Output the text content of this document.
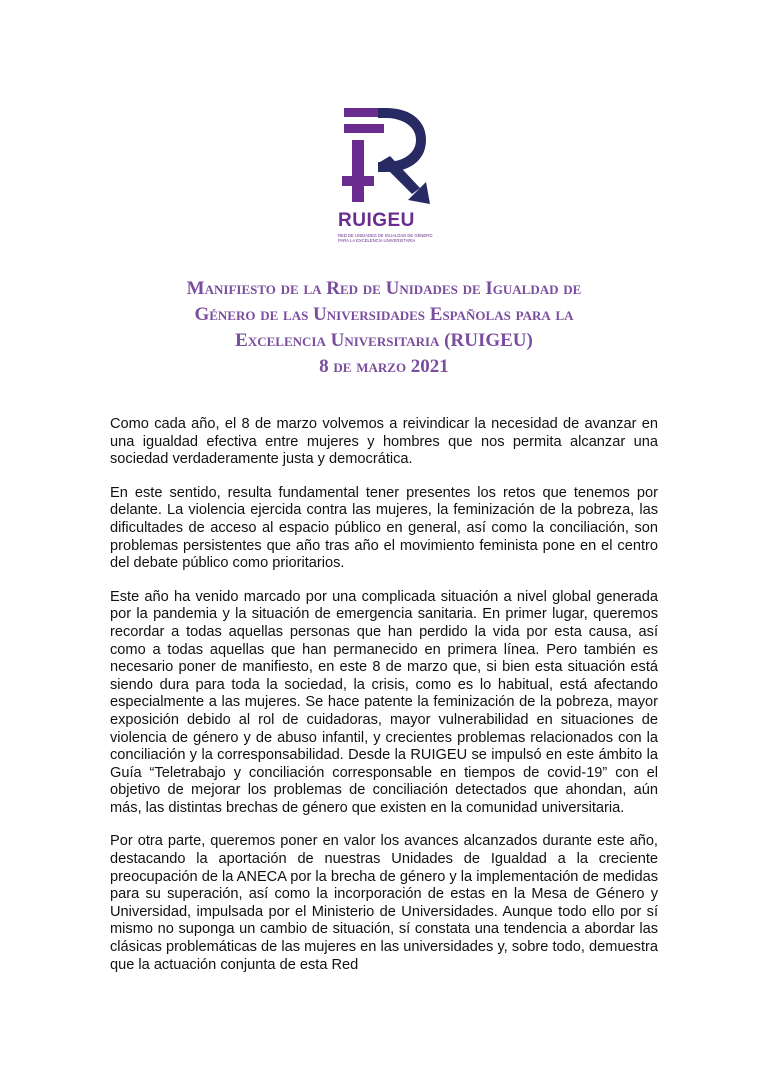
RUIGEU
RED DE UNIDADES DE IGUALDAD DE GÉNERO
PARA LA EXCELENCIA UNIVERSITARIA
Manifiesto de la Red de Unidades de Igualdad de
Género de las Universidades Españolas para la
Excelencia Universitaria (RUIGEU)
8 de marzo 2021

Como cada año, el 8 de marzo volvemos a reivindicar la necesidad de avanzar en una igualdad efectiva entre mujeres y hombres que nos permita alcanzar una sociedad verdaderamente justa y democrática.

En este sentido, resulta fundamental tener presentes los retos que tenemos por delante. La violencia ejercida contra las mujeres, la feminización de la pobreza, las dificultades de acceso al espacio público en general, así como la conciliación, son problemas persistentes que año tras año el movimiento feminista pone en el centro del debate público como prioritarios.

Este año ha venido marcado por una complicada situación a nivel global generada por la pandemia y la situación de emergencia sanitaria. En primer lugar, queremos recordar a todas aquellas personas que han perdido la vida por esta causa, así como a todas aquellas que han permanecido en primera línea. Pero también es necesario poner de manifiesto, en este 8 de marzo que, si bien esta situación está siendo dura para toda la sociedad, la crisis, como es lo habitual, está afectando especialmente a las mujeres. Se hace patente la feminización de la pobreza, mayor exposición debido al rol de cuidadoras, mayor vulnerabilidad en situaciones de violencia de género y de abuso infantil, y crecientes problemas relacionados con la conciliación y la corresponsabilidad. Desde la RUIGEU se impulsó en este ámbito la Guía “Teletrabajo y conciliación corresponsable en tiempos de covid-19” con el objetivo de mejorar los problemas de conciliación detectados que ahondan, aún más, las distintas brechas de género que existen en la comunidad universitaria.

Por otra parte, queremos poner en valor los avances alcanzados durante este año, destacando la aportación de nuestras Unidades de Igualdad a la creciente preocupación de la ANECA por la brecha de género y la implementación de medidas para su superación, así como la incorporación de estas en la Mesa de Género y Universidad, impulsada por el Ministerio de Universidades. Aunque todo ello por sí mismo no suponga un cambio de situación, sí constata una tendencia a abordar las clásicas problemáticas de las mujeres en las universidades y, sobre todo, demuestra que la actuación conjunta de esta Red
